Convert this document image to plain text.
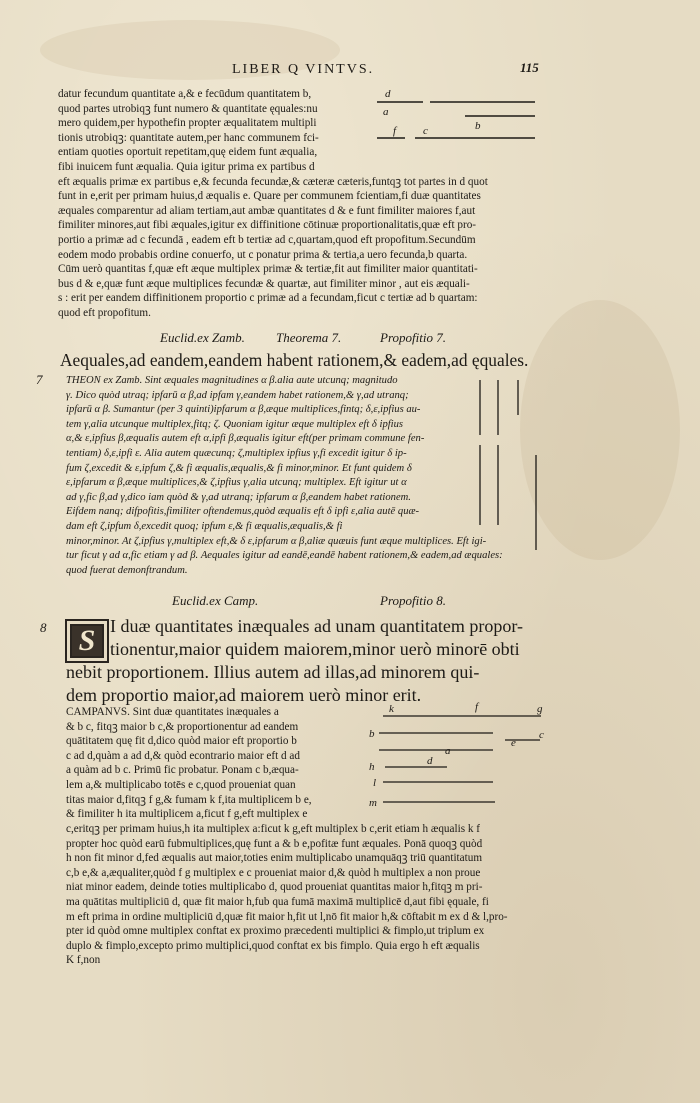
LIBER Q VINTVS.	115
datur fecundum quantitate a,& e fecūdum quantitatem b,
quod partes utrobiqꝫ funt numero & quantitate ęquales:nu
mero quidem,per hypothefin propter æqualitatem multipli
tionis utrobiqꝫ: quantitate autem,per hanc communem fci-
entiam quoties oportuit repetitam,quę eidem funt æqualia,
fibi inuicem funt æqualia. Quia igitur prima ex partibus d
eft æqualis primæ ex partibus e,& fecunda fecundæ,& cæteræ cæteris,funtqꝫ tot partes in d quot
funt in e,erit per primam huius,d æqualis e. Quare per communem fcientiam,fi duæ quantitates
æquales comparentur ad aliam tertiam,aut ambæ quantitates d & e funt fimiliter maiores f,aut
fimiliter minores,aut fibi æquales,igitur ex diffinitione cōtinuæ proportionalitatis,quæ eft pro-
portio a primæ ad c fecundā , eadem eft b tertiæ ad c,quartam,quod eft propofitum.Secundūm
eodem modo probabis ordine conuerfo, ut c ponatur prima & tertia,a uero fecunda,b quarta.
Cūm uerò quantitas f,quæ eft æque multiplex primæ & tertiæ,fit aut fimiliter maior quantitati-
bus d & e,quæ funt æque multiplices fecundæ & quartæ, aut fimiliter minor , aut eis æquali-
s : erit per eandem diffinitionem proportio c primæ ad a fecundam,ficut c tertiæ ad b quartam:
quod eft propofitum.
d
a
b
f c
Euclid.ex Zamb. Theorema 7.	Propofitio 7.
Aequales,ad eandem,eandem habent rationem,& eadem,ad ęquales.
7 THEON ex Zamb. Sint æquales magnitudines α β.alia aute utcunq; magnitudo
γ. Dico quòd utraq; ipfarū α β,ad ipfam γ,eandem habet rationem,& γ,ad utranq;
ipfarū α β. Sumantur (per 3 quinti)ipfarum α β,æque multiplices,fintq; δ,ε,ipfius au-
tem γ,alia utcunque multiplex,fitq; ζ. Quoniam igitur æque multiplex eft δ ipfius
α,& ε,ipfius β,æqualis autem eft α,ipfi β,æqualis igitur eft(per primam commune fen-
tentiam) δ,ε,ipfi ε. Alia autem quæcunq; ζ,multiplex ipfius γ,fi excedit igitur δ ip-
fum ζ,excedit & ε,ipfum ζ,& fi æqualis,æqualis,& fi minor,minor. Et funt quidem δ
ε,ipfarum α β,æque multiplices,& ζ,ipfius γ,alia utcunq; multiplex. Eft igitur ut α
ad γ,fic β,ad γ,dico iam quòd & γ,ad utranq; ipfarum α β,eandem habet rationem.
Eifdem nanq; difpofitis,fimiliter oftendemus,quòd æqualis eft δ ipfi ε,alia autē quæ-
dam eft ζ,ipfum δ,excedit quoq; ipfum ε,& fi æqualis,æqualis,& fi
minor,minor. At ζ,ipfius γ,multiplex eft,& δ ε,ipfarum α β,aliæ quæuis funt æque multiplices. Eft igi-
tur ficut γ ad α,fic etiam γ ad β. Aequales igitur ad eandē,eandē habent rationem,& eadem,ad æquales:
quod fuerat demonftrandum.
Euclid.ex Camp.	Propofitio 8.
8	S I duæ quantitates inæquales ad unam quantitatem propor-
tionentur,maior quidem maiorem,minor uerò minorē obti
nebit proportionem. Illius autem ad illas,ad minorem qui-
dem proportio maior,ad maiorem uerò minor erit.
CAMPANVS. Sint duæ quantitates inæquales a
& b c, fitqꝫ maior b c,& proportionentur ad eandem
quātitatem quę fit d,dico quòd maior eft proportio b
c ad d,quàm a ad d,& quòd econtrario maior eft d ad
a quàm ad b c. Primū fic probatur. Ponam c b,æqua-
lem a,& multiplicabo totēs e c,quod proueniat quan
titas maior d,fitqꝫ f g,& fumam k f,ita multiplicem b e,
& fimiliter h ita multiplicem a,ficut f g,eft multiplex e
k	f	g
b
e
c
a
d
h
l
m
c,eritqꝫ per primam huius,h ita multiplex a:ficut k g,eft multiplex b c,erit etiam h æqualis k f
propter hoc quòd earū fubmultiplices,quę funt a & b e,pofitæ funt æquales. Ponā quoqꝫ quòd
h non fit minor d,fed æqualis aut maior,toties enim multiplicabo unamquāqꝫ triū quantitatum
c,b e,& a,æqualiter,quòd f g multiplex e c proueniat maior d,& quòd h multiplex a non proue
niat minor eadem, deinde toties multiplicabo d, quod proueniat quantitas maior h,fitqꝫ m pri-
ma quātitas multipliciū d, quæ fit maior h,fub qua fumā maximā multiplicē d,aut fibi ęquale, fi
m eft prima in ordine multipliciū d,quæ fit maior h,fit ut l,nō fit maior h,& cōftabit m ex d & l,pro-
pter id quòd omne multiplex conftat ex proximo præcedenti multiplici & fimplo,ut triplum ex
duplo & fimplo,excepto primo multiplici,quod conftat ex bis fimplo. Quia ergo h eft æqualis
K f,non
